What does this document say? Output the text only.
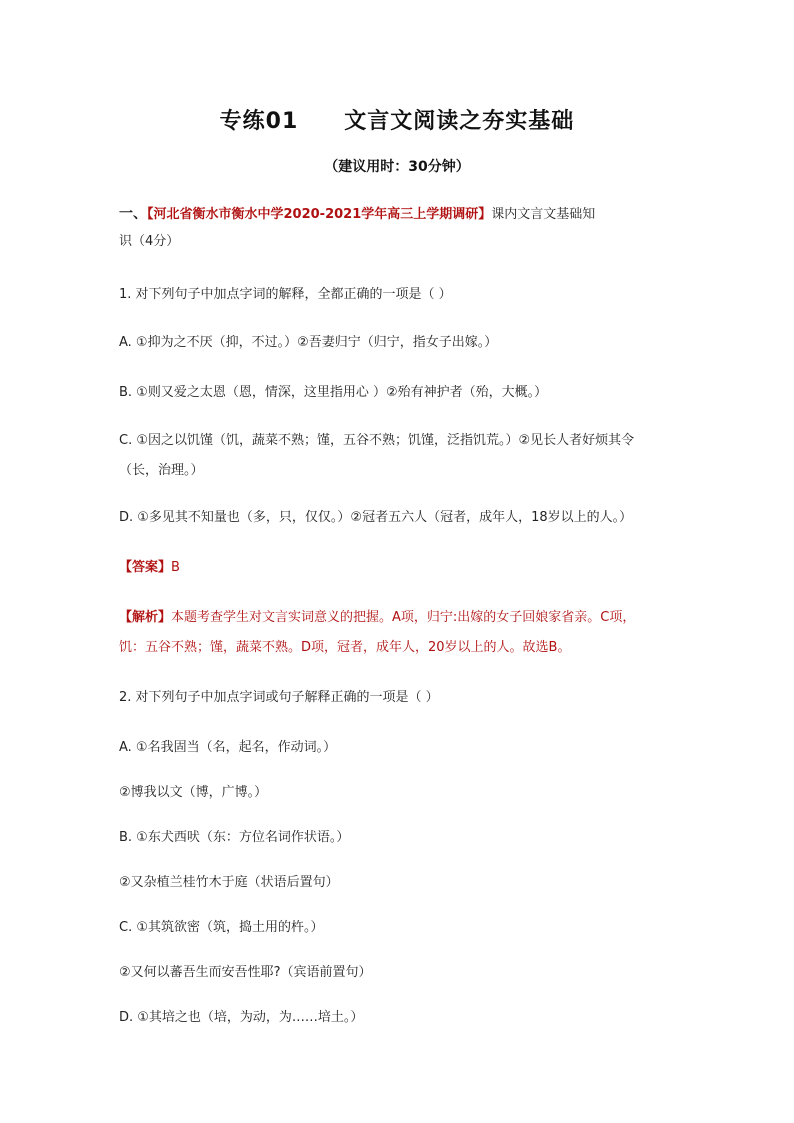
专练01 文言文阅读之夯实基础
（建议用时：30分钟）
一、【河北省衡水市衡水中学2020-2021学年高三上学期调研】课内文言文基础知
识（4分）
1. 对下列句子中加点字词的解释，全都正确的一项是（ ）
A. ①抑为之不厌（抑，不过。）②吾妻归宁（归宁，指女子出嫁。）
B. ①则又爱之太恩（恩，情深，这里指用心 ）②殆有神护者（殆，大概。）
C. ①因之以饥馑（饥，蔬菜不熟；馑，五谷不熟；饥馑，泛指饥荒。）②见长人者好烦其令
（长，治理。）
D. ①多见其不知量也（多，只，仅仅。）②冠者五六人（冠者，成年人，18岁以上的人。）
【答案】B
【解析】本题考查学生对文言实词意义的把握。A项，归宁:出嫁的女子回娘家省亲。C项，
饥：五谷不熟；馑，蔬菜不熟。D项，冠者，成年人，20岁以上的人。故选B。
2. 对下列句子中加点字词或句子解释正确的一项是（ ）
A. ①名我固当（名，起名，作动词。）
②博我以文（博，广博。）
B. ①东犬西吠（东：方位名词作状语。）
②又杂植兰桂竹木于庭（状语后置句）
C. ①其筑欲密（筑，捣土用的杵。）
②又何以蕃吾生而安吾性耶?（宾语前置句）
D. ①其培之也（培，为动，为……培土。）
